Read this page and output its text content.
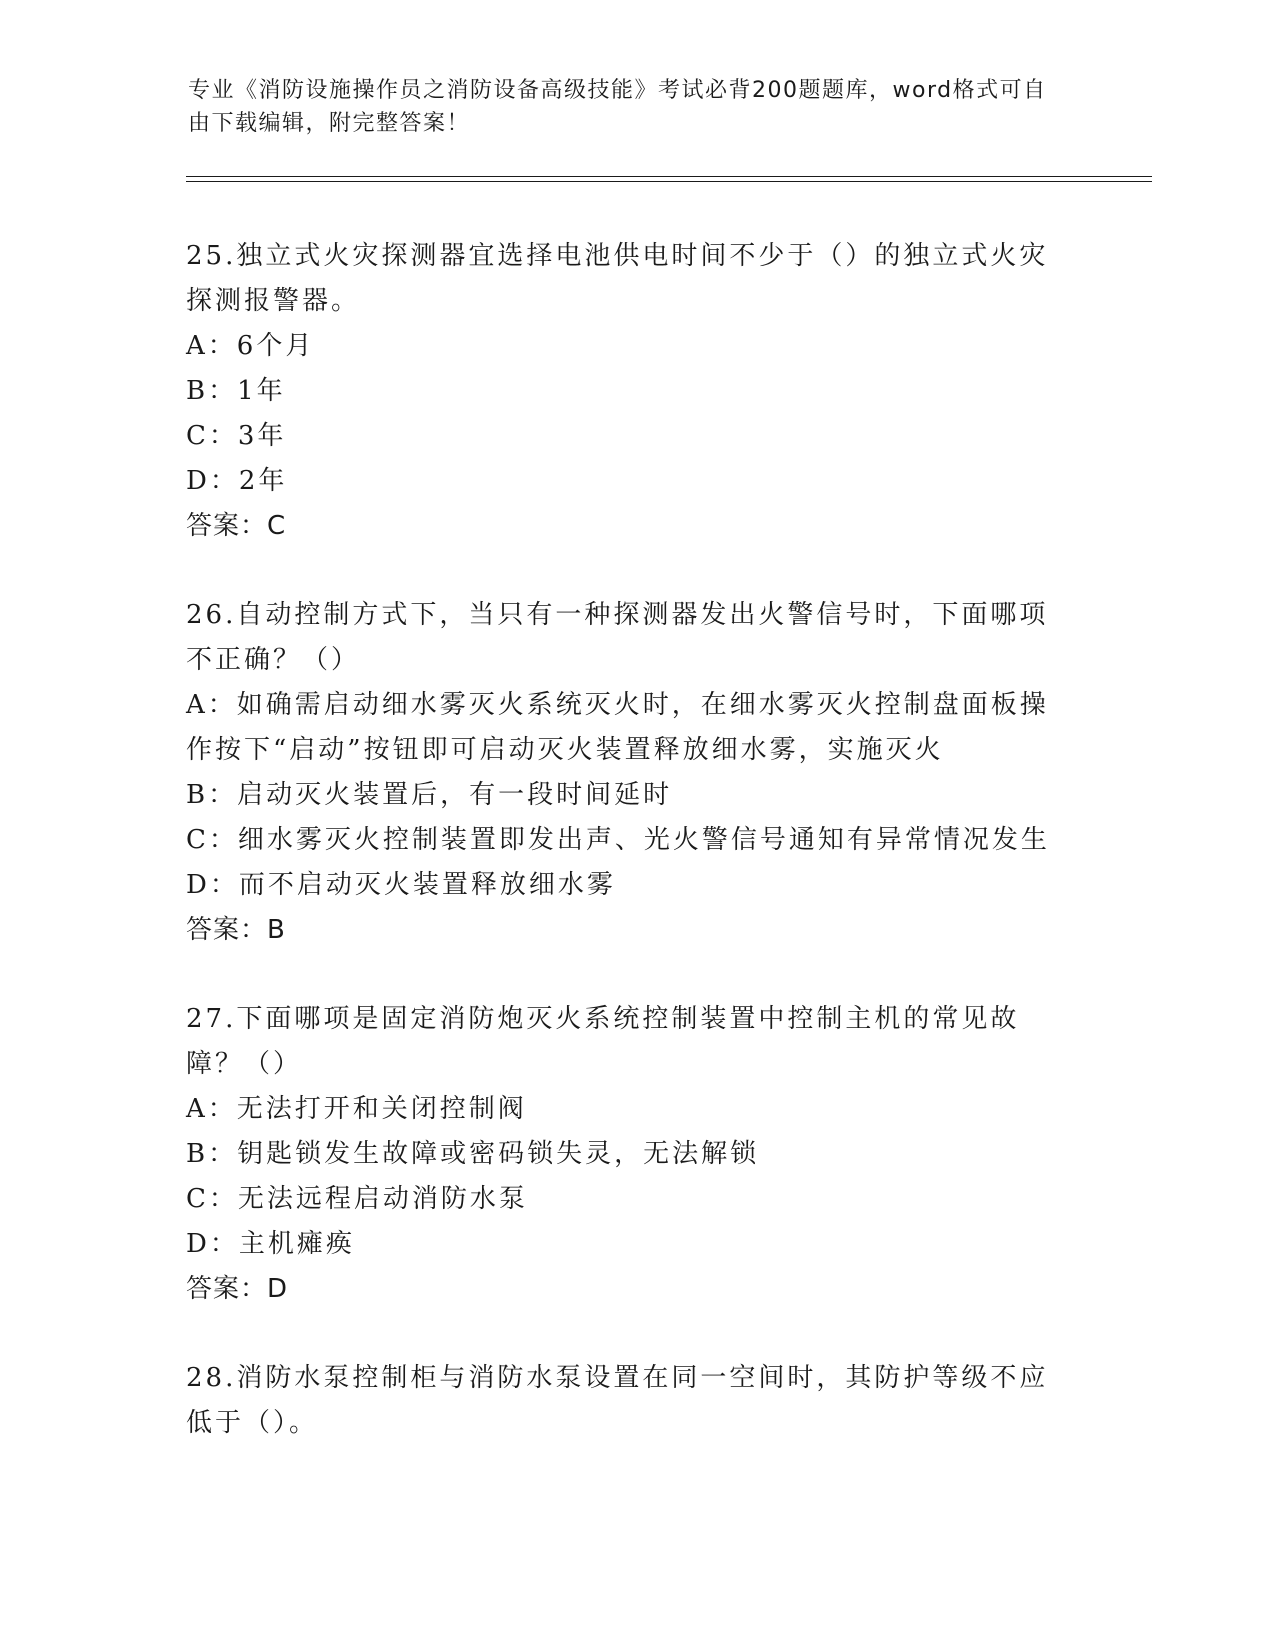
专业《消防设施操作员之消防设备高级技能》考试必背200题题库，word格式可自由下载编辑，附完整答案！
25.独立式火灾探测器宜选择电池供电时间不少于（）的独立式火灾探测报警器。
A：6个月
B：1年
C：3年
D：2年
答案：C
26.自动控制方式下，当只有一种探测器发出火警信号时，下面哪项不正确？（）
A：如确需启动细水雾灭火系统灭火时，在细水雾灭火控制盘面板操作按下“启动”按钮即可启动灭火装置释放细水雾，实施灭火
B：启动灭火装置后，有一段时间延时
C：细水雾灭火控制装置即发出声、光火警信号通知有异常情况发生
D：而不启动灭火装置释放细水雾
答案：B
27.下面哪项是固定消防炮灭火系统控制装置中控制主机的常见故障？（）
A：无法打开和关闭控制阀
B：钥匙锁发生故障或密码锁失灵，无法解锁
C：无法远程启动消防水泵
D：主机瘫痪
答案：D
28.消防水泵控制柜与消防水泵设置在同一空间时，其防护等级不应低于（）。
